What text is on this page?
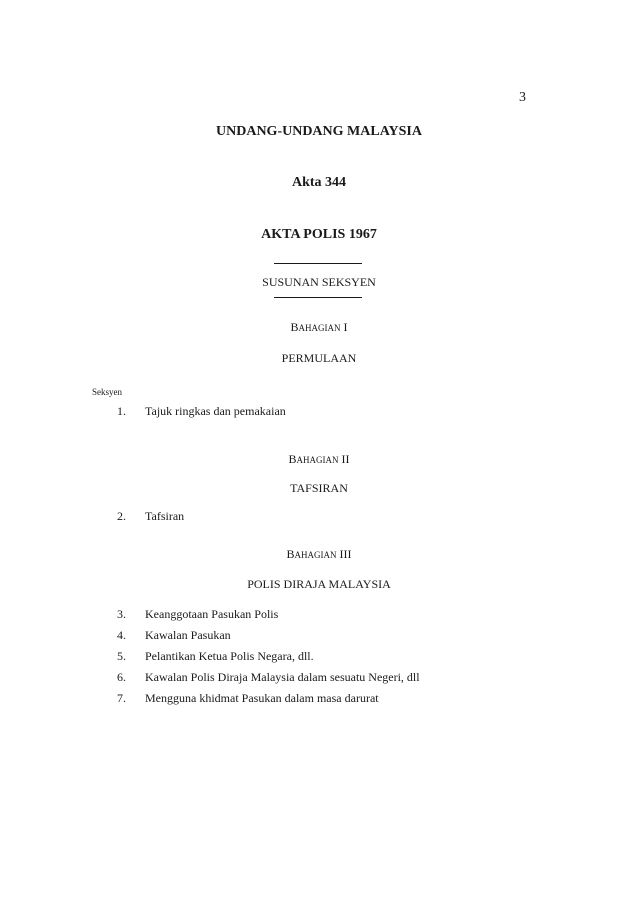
3
UNDANG-UNDANG MALAYSIA
Akta 344
AKTA POLIS 1967
SUSUNAN SEKSYEN
BAHAGIAN I
PERMULAAN
Seksyen
1. Tajuk ringkas dan pemakaian
BAHAGIAN II
TAFSIRAN
2. Tafsiran
BAHAGIAN III
POLIS DIRAJA MALAYSIA
3. Keanggotaan Pasukan Polis
4. Kawalan Pasukan
5. Pelantikan Ketua Polis Negara, dll.
6. Kawalan Polis Diraja Malaysia dalam sesuatu Negeri, dll
7. Mengguna khidmat Pasukan dalam masa darurat
